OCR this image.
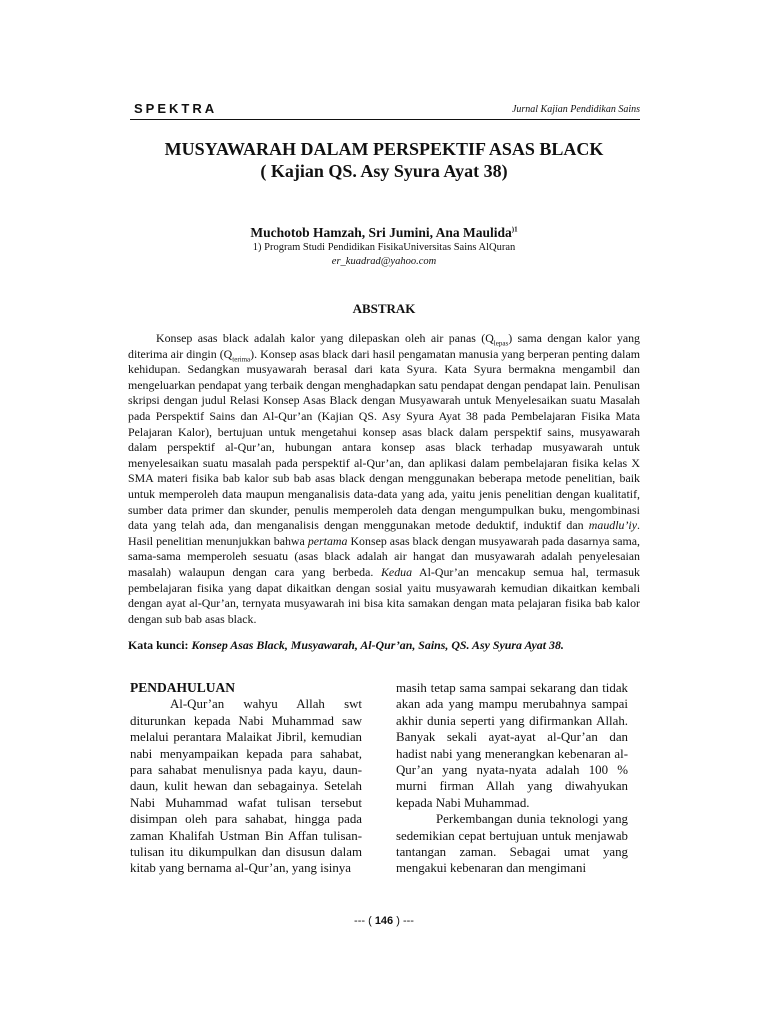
SPEKTRA	Jurnal Kajian Pendidikan Sains
MUSYAWARAH DALAM PERSPEKTIF ASAS BLACK
( Kajian QS. Asy Syura Ayat 38)
Muchotob Hamzah, Sri Jumini, Ana Maulida$^{)1}$
1) Program Studi Pendidikan FisikaUniversitas Sains AlQuran
er_kuadrad@yahoo.com
ABSTRAK

Konsep asas black adalah kalor yang dilepaskan oleh air panas $(Q_{lepas})$ sama dengan kalor yang diterima air dingin $(Q_{terima})$. Konsep asas black dari hasil pengamatan manusia yang berperan penting dalam kehidupan. Sedangkan musyawarah berasal dari kata Syura. Kata Syura bermakna mengambil dan mengeluarkan pendapat yang terbaik dengan menghadapkan satu pendapat dengan pendapat lain. Penulisan skripsi dengan judul Relasi Konsep Asas Black dengan Musyawarah untuk Menyelesaikan suatu Masalah pada Perspektif Sains dan Al-Qur’an (Kajian QS. Asy Syura Ayat 38 pada Pembelajaran Fisika Mata Pelajaran Kalor), bertujuan untuk mengetahui konsep asas black dalam perspektif sains, musyawarah dalam perspektif al-Qur’an, hubungan antara konsep asas black terhadap musyawarah untuk menyelesaikan suatu masalah pada perspektif al-Qur’an, dan aplikasi dalam pembelajaran fisika kelas X SMA materi fisika bab kalor sub bab asas black dengan menggunakan beberapa metode penelitian, baik untuk memperoleh data maupun menganalisis data-data yang ada, yaitu jenis penelitian dengan kualitatif, sumber data primer dan skunder, penulis memperoleh data dengan mengumpulkan buku, mengombinasi data yang telah ada, dan menganalisis dengan menggunakan metode deduktif, induktif dan maudlu’iy. Hasil penelitian menunjukkan bahwa pertama Konsep asas black dengan musyawarah pada dasarnya sama, sama-sama memperoleh sesuatu (asas black adalah air hangat dan musyawarah adalah penyelesaian masalah) walaupun dengan cara yang berbeda. Kedua Al-Qur’an mencakup semua hal, termasuk pembelajaran fisika yang dapat dikaitkan dengan sosial yaitu musyawarah kemudian dikaitkan kembali dengan ayat al-Qur’an, ternyata musyawarah ini bisa kita samakan dengan mata pelajaran fisika bab kalor dengan sub bab asas black.

Kata kunci: Konsep Asas Black, Musyawarah, Al-Qur’an, Sains, QS. Asy Syura Ayat 38.
PENDAHULUAN

Al-Qur’an wahyu Allah swt diturunkan kepada Nabi Muhammad saw melalui perantara Malaikat Jibril, kemudian nabi menyampaikan kepada para sahabat, para sahabat menulisnya pada kayu, daun-daun, kulit hewan dan sebagainya. Setelah Nabi Muhammad wafat tulisan tersebut disimpan oleh para sahabat, hingga pada zaman Khalifah Ustman Bin Affan tulisan-tulisan itu dikumpulkan dan disusun dalam kitab yang bernama al-Qur’an, yang isinya

masih tetap sama sampai sekarang dan tidak akan ada yang mampu merubahnya sampai akhir dunia seperti yang difirmankan Allah. Banyak sekali ayat-ayat al-Qur’an dan hadist nabi yang menerangkan kebenaran al-Qur’an yang nyata-nyata adalah 100 % murni firman Allah yang diwahyukan kepada Nabi Muhammad.

Perkembangan dunia teknologi yang sedemikian cepat bertujuan untuk menjawab tantangan zaman. Sebagai umat yang mengakui kebenaran dan mengimani

--- ( 146 ) ---
